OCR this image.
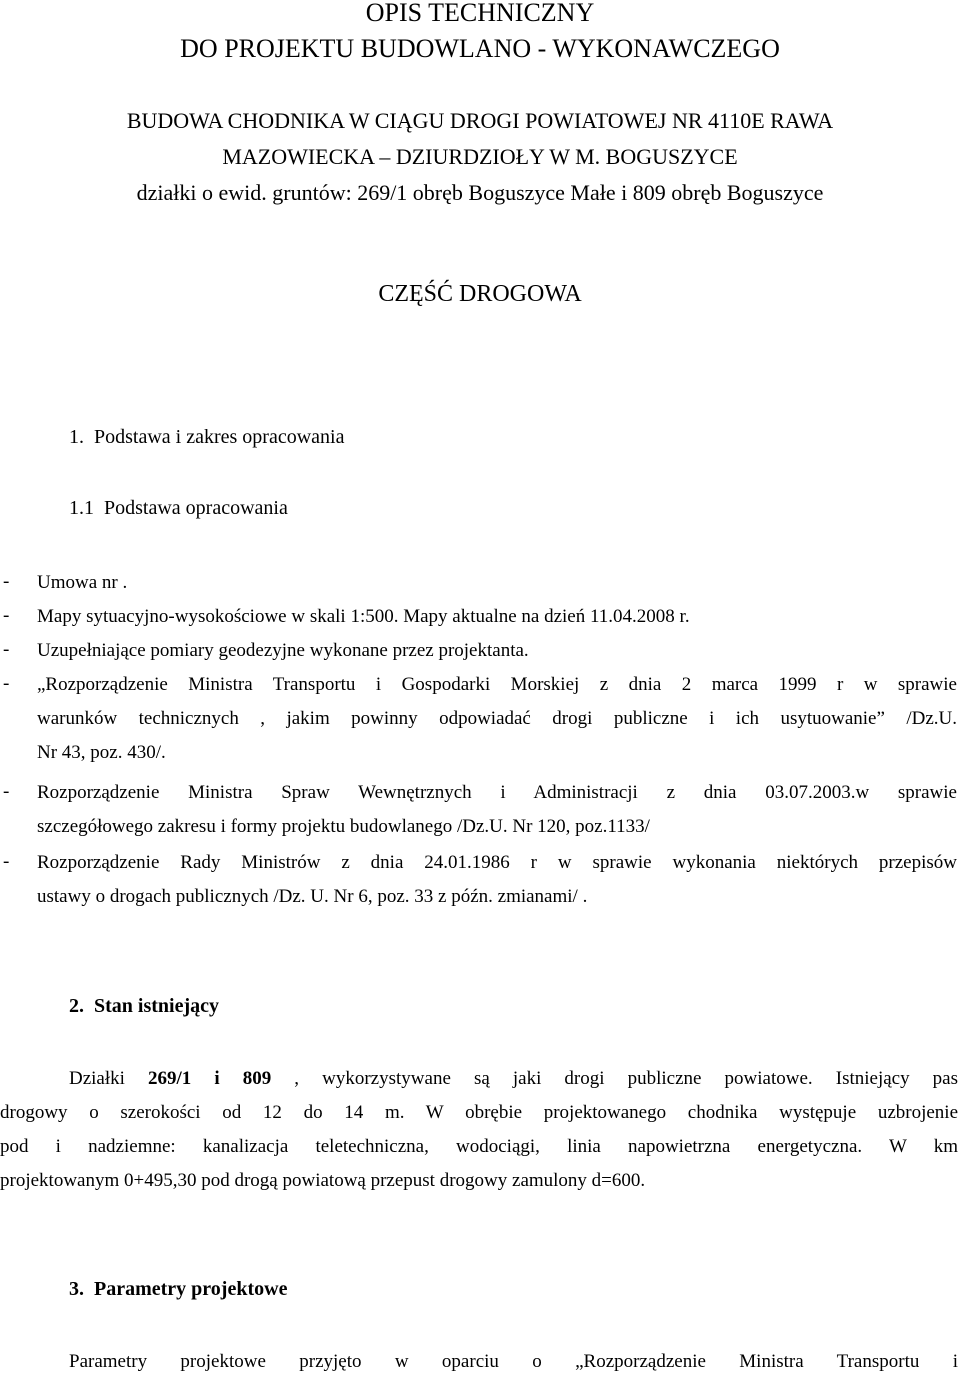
OPIS TECHNICZNY
DO PROJEKTU BUDOWLANO - WYKONAWCZEGO
BUDOWA CHODNIKA W CIĄGU DROGI POWIATOWEJ NR 4110E RAWA
MAZOWIECKA – DZIURDZIOŁY W M. BOGUSZYCE
działki o ewid. gruntów: 269/1 obręb Boguszyce Małe i 809 obręb Boguszyce
CZĘŚĆ DROGOWA
1. Podstawa i zakres opracowania
1.1 Podstawa opracowania
-
-
-
-
-
-
Umowa nr .
Mapy sytuacyjno-wysokościowe w skali 1:500. Mapy aktualne na dzień 11.04.2008 r.
Uzupełniające pomiary geodezyjne wykonane przez projektanta.
„Rozporządzenie Ministra Transportu i Gospodarki Morskiej z dnia 2 marca 1999 r w sprawie
warunków technicznych , jakim powinny odpowiadać drogi publiczne i ich usytuowanie” /Dz.U.
Nr 43, poz. 430/.
Rozporządzenie Ministra Spraw Wewnętrznych i Administracji z dnia 03.07.2003.w sprawie
szczegółowego zakresu i formy projektu budowlanego /Dz.U. Nr 120, poz.1133/
Rozporządzenie Rady Ministrów z dnia 24.01.1986 r w sprawie wykonania niektórych przepisów
ustawy o drogach publicznych /Dz. U. Nr 6, poz. 33 z późn. zmianami/ .
2. Stan istniejący
Działki 269/1 i 809 , wykorzystywane są jaki drogi publiczne powiatowe. Istniejący pas
drogowy o szerokości od 12 do 14 m. W obrębie projektowanego chodnika występuje uzbrojenie
pod i nadziemne: kanalizacja teletechniczna, wodociągi, linia napowietrzna energetyczna. W km
projektowanym 0+495,30 pod drogą powiatową przepust drogowy zamulony d=600.
3. Parametry projektowe
Parametry projektowe przyjęto w oparciu o „Rozporządzenie Ministra Transportu i
